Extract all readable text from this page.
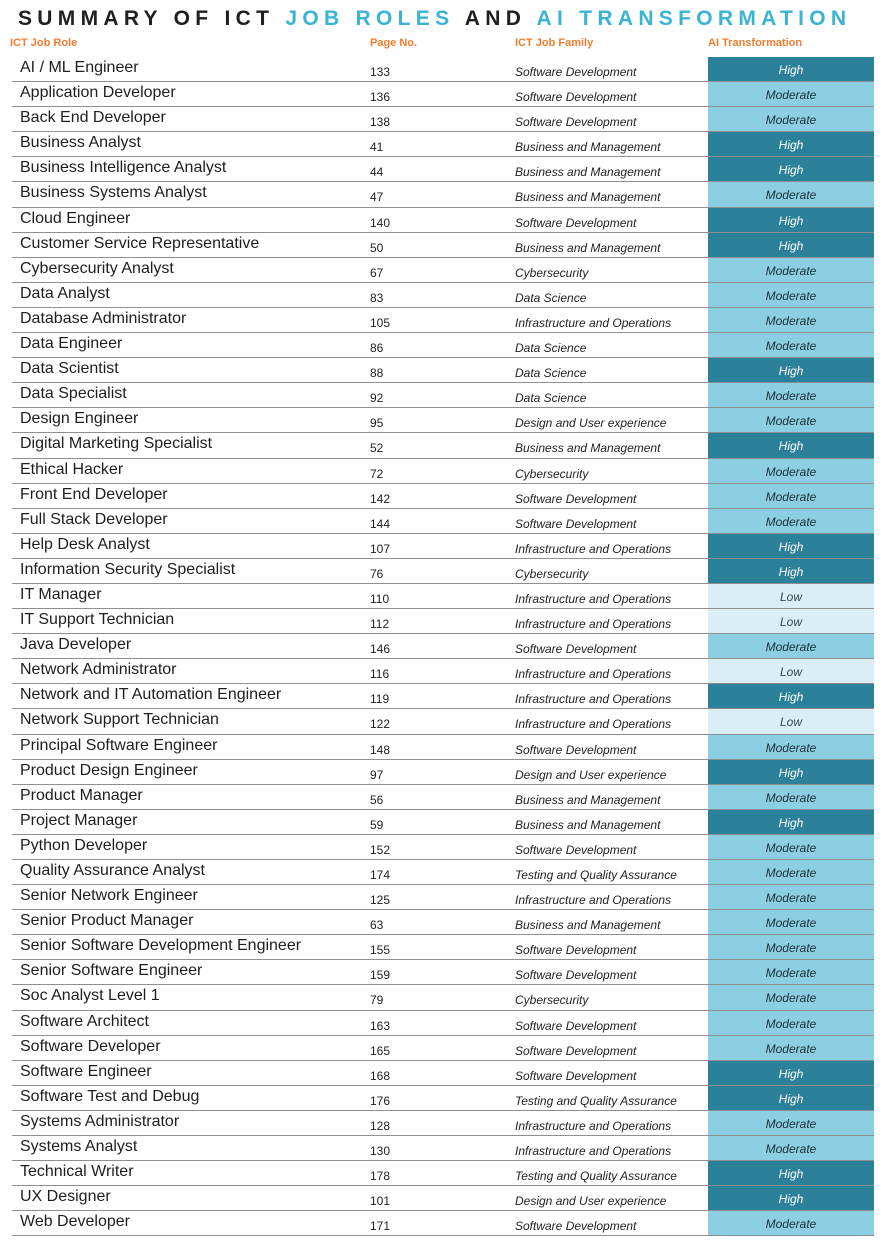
SUMMARY OF ICT JOB ROLES AND AI TRANSFORMATION
ICT Job Role	Page No.	ICT Job Family	AI Transformation
AI / ML Engineer	133	Software Development	High
Application Developer	136	Software Development	Moderate
Back End Developer	138	Software Development	Moderate
Business Analyst	41	Business and Management	High
Business Intelligence Analyst	44	Business and Management	High
Business Systems Analyst	47	Business and Management	Moderate
Cloud Engineer	140	Software Development	High
Customer Service Representative	50	Business and Management	High
Cybersecurity Analyst	67	Cybersecurity	Moderate
Data Analyst	83	Data Science	Moderate
Database Administrator	105	Infrastructure and Operations	Moderate
Data Engineer	86	Data Science	Moderate
Data Scientist	88	Data Science	High
Data Specialist	92	Data Science	Moderate
Design Engineer	95	Design and User experience	Moderate
Digital Marketing Specialist	52	Business and Management	High
Ethical Hacker	72	Cybersecurity	Moderate
Front End Developer	142	Software Development	Moderate
Full Stack Developer	144	Software Development	Moderate
Help Desk Analyst	107	Infrastructure and Operations	High
Information Security Specialist	76	Cybersecurity	High
IT Manager	110	Infrastructure and Operations	Low
IT Support Technician	112	Infrastructure and Operations	Low
Java Developer	146	Software Development	Moderate
Network Administrator	116	Infrastructure and Operations	Low
Network and IT Automation Engineer	119	Infrastructure and Operations	High
Network Support Technician	122	Infrastructure and Operations	Low
Principal Software Engineer	148	Software Development	Moderate
Product Design Engineer	97	Design and User experience	High
Product Manager	56	Business and Management	Moderate
Project Manager	59	Business and Management	High
Python Developer	152	Software Development	Moderate
Quality Assurance Analyst	174	Testing and Quality Assurance	Moderate
Senior Network Engineer	125	Infrastructure and Operations	Moderate
Senior Product Manager	63	Business and Management	Moderate
Senior Software Development Engineer	155	Software Development	Moderate
Senior Software Engineer	159	Software Development	Moderate
Soc Analyst Level 1	79	Cybersecurity	Moderate
Software Architect	163	Software Development	Moderate
Software Developer	165	Software Development	Moderate
Software Engineer	168	Software Development	High
Software Test and Debug	176	Testing and Quality Assurance	High
Systems Administrator	128	Infrastructure and Operations	Moderate
Systems Analyst	130	Infrastructure and Operations	Moderate
Technical Writer	178	Testing and Quality Assurance	High
UX Designer	101	Design and User experience	High
Web Developer	171	Software Development	Moderate
